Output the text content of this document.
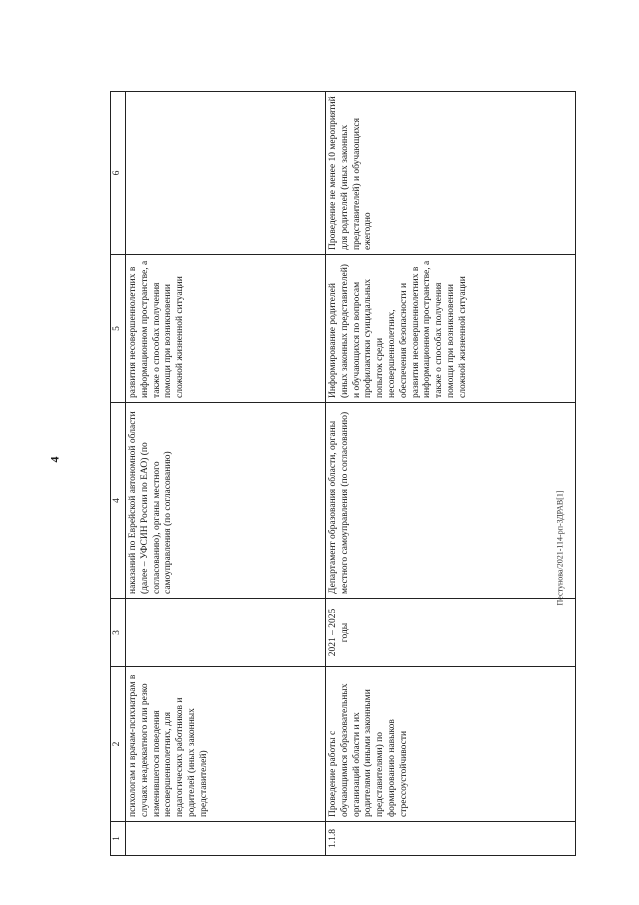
4
Пестунова/2021-114-рп-ЗДРАВ[1]
1	2	3	4	5	6
	психологам и врачам-психиатрам в случаях неадекватного или резко изменившегося поведения несовершеннолетних, для педагогических работников и родителей (иных законных представителей)		наказаний по Еврейской автономной области (далее – УФСИН России по ЕАО) (по согласованию), органы местного самоуправления (по согласованию)	развития несовершеннолетних в информационном пространстве, а также о способах получения помощи при возникновении сложной жизненной ситуации	
1.1.8	Проведение работы с обучающимися образовательных организаций области и их родителями (иными законными представителями) по формированию навыков стрессоустойчивости	2021 – 2025 годы	Департамент образования области, органы местного самоуправления (по согласованию)	Информирование родителей (иных законных представителей) и обучающихся по вопросам профилактики суицидальных попыток среди несовершеннолетних, обеспечения безопасности и развития несовершеннолетних в информационном пространстве, а также о способах получения помощи при возникновении сложной жизненной ситуации	Проведение не менее 10 мероприятий для родителей (иных законных представителей) и обучающихся ежегодно
